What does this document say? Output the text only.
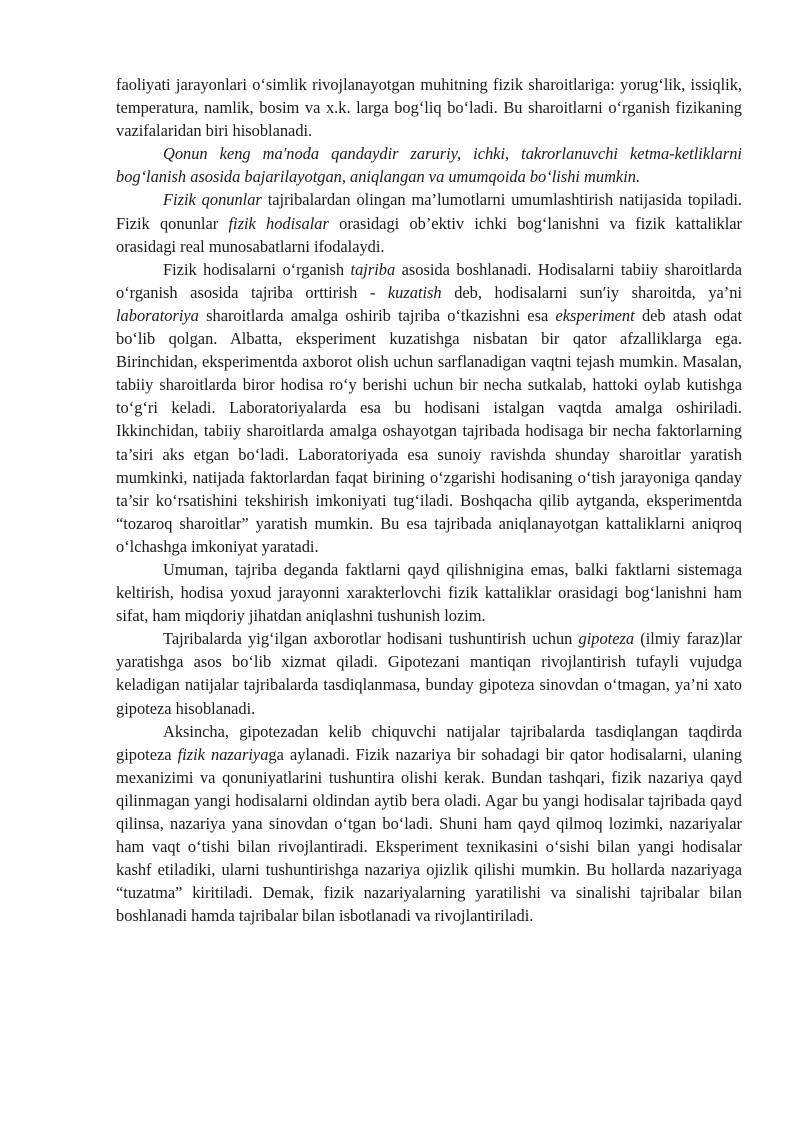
faoliyati jarayonlari o‘simlik rivojlanayotgan muhitning fizik sharoitlariga: yorug‘lik, issiqlik, temperatura, namlik, bosim va x.k. larga bog‘liq bo‘ladi. Bu sharoitlarni o‘rganish fizikaning vazifalaridan biri hisoblanadi.

Qonun keng ma′noda qandaydir zaruriy, ichki, takrorlanuvchi ketma-ketliklarni bog‘lanish asosida bajarilayotgan, aniqlangan va umumqoida bo‘lishi mumkin.

Fizik qonunlar tajribalardan olingan ma’lumotlarni umumlashtirish natijasida topiladi. Fizik qonunlar fizik hodisalar orasidagi ob’ektiv ichki bog‘lanishni va fizik kattaliklar orasidagi real munosabatlarni ifodalaydi.

Fizik hodisalarni o‘rganish tajriba asosida boshlanadi. Hodisalarni tabiiy sharoitlarda o‘rganish asosida tajriba orttirish - kuzatish deb, hodisalarni sun′iy sharoitda, ya’ni laboratoriya sharoitlarda amalga oshirib tajriba o‘tkazishni esa eksperiment deb atash odat bo‘lib qolgan. Albatta, eksperiment kuzatishga nisbatan bir qator afzalliklarga ega. Birinchidan, eksperimentda axborot olish uchun sarflanadigan vaqtni tejash mumkin. Masalan, tabiiy sharoitlarda biror hodisa ro‘y berishi uchun bir necha sutkalab, hattoki oylab kutishga to‘g‘ri keladi. Laboratoriyalarda esa bu hodisani istalgan vaqtda amalga oshiriladi. Ikkinchidan, tabiiy sharoitlarda amalga oshayotgan tajribada hodisaga bir necha faktorlarning ta’siri aks etgan bo‘ladi. Laboratoriyada esa sunoiy ravishda shunday sharoitlar yaratish mumkinki, natijada faktorlardan faqat birining o‘zgarishi hodisaning o‘tish jarayoniga qanday ta’sir ko‘rsatishini tekshirish imkoniyati tug‘iladi. Boshqacha qilib aytganda, eksperimentda “tozaroq sharoitlar” yaratish mumkin. Bu esa tajribada aniqlanayotgan kattaliklarni aniqroq o‘lchashga imkoniyat yaratadi.

Umuman, tajriba deganda faktlarni qayd qilishnigina emas, balki faktlarni sistemaga keltirish, hodisa yoxud jarayonni xarakterlovchi fizik kattaliklar orasidagi bog‘lanishni ham sifat, ham miqdoriy jihatdan aniqlashni tushunish lozim.

Tajribalarda yig‘ilgan axborotlar hodisani tushuntirish uchun gipoteza (ilmiy faraz)lar yaratishga asos bo‘lib xizmat qiladi. Gipotezani mantiqan rivojlantirish tufayli vujudga keladigan natijalar tajribalarda tasdiqlanmasa, bunday gipoteza sinovdan o‘tmagan, ya’ni xato gipoteza hisoblanadi.

Aksincha, gipotezadan kelib chiquvchi natijalar tajribalarda tasdiqlangan taqdirda gipoteza fizik nazariyaga aylanadi. Fizik nazariya bir sohadagi bir qator hodisalarni, ulaning mexanizimi va qonuniyatlarini tushuntira olishi kerak. Bundan tashqari, fizik nazariya qayd qilinmagan yangi hodisalarni oldindan aytib bera oladi. Agar bu yangi hodisalar tajribada qayd qilinsa, nazariya yana sinovdan o‘tgan bo‘ladi. Shuni ham qayd qilmoq lozimki, nazariyalar ham vaqt o‘tishi bilan rivojlantiradi. Eksperiment texnikasini o‘sishi bilan yangi hodisalar kashf etiladiki, ularni tushuntirishga nazariya ojizlik qilishi mumkin. Bu hollarda nazariyaga “tuzatma” kiritiladi. Demak, fizik nazariyalarning yaratilishi va sinalishi tajribalar bilan boshlanadi hamda tajribalar bilan isbotlanadi va rivojlantiriladi.
